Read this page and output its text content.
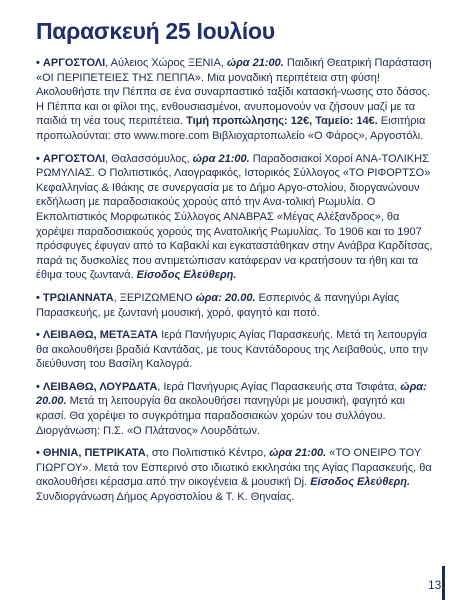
Παρασκευή 25 Ιουλίου

• ΑΡΓΟΣΤΟΛΙ, Αύλειος Χώρος ΞΕΝΙΑ, ώρα 21:00. Παιδική Θεατρική Παράσταση «ΟΙ ΠΕΡΙΠΕΤΕΙΕΣ ΤΗΣ ΠΕΠΠΑ». Μια μοναδική περιπέτεια στη φύση! Ακολουθήστε την Πέππα σε ένα συναρπαστικό ταξίδι κατασκή-νωσης στο δάσος. Η Πέππα και οι φίλοι της, ενθουσιασμένοι, ανυπομονούν να ζήσουν μαζί με τα παιδιά τη νέα τους περιπέτεια. Τιμή προπώλησης: 12€, Ταμείο: 14€. Εισιτήρια προπωλούνται: στο www.more.com Βιβλιοχαρτοπωλείο «Ο Φάρος», Αργοστόλι.

• ΑΡΓΟΣΤΟΛΙ, Θαλασσόμυλος, ώρα 21:00. Παραδοσιακοί Χοροί ΑΝΑ-ΤΟΛΙΚΗΣ ΡΩΜΥΛΙΑΣ. Ο Πολιτιστικός, Λαογραφικός, Ιστορικός Σύλλογος «ΤΟ ΡΙΦΟΡΤΣΟ» Κεφαλληνίας & Ιθάκης σε συνεργασία με το Δήμο Αργο-στολίου, διοργανώνουν εκδήλωση με παραδοσιακούς χορούς από την Ανα-τολική Ρωμυλία. Ο Εκπολιτιστικός Μορφωτικός Σύλλογος ΑΝΑΒΡΑΣ «Μέγας Αλέξανδρος», θα χορέψει παραδοσιακούς χορούς της Ανατολικής Ρωμυλίας. Το 1906 και το 1907 πρόσφυγες έφυγαν από το Καβακλί και εγκαταστάθηκαν στην Ανάβρα Καρδίτσας, παρά τις δυσκολίες που αντιμετώπισαν κατάφεραν να κρατήσουν τα ήθη και τα έθιμα τους ζωντανά. Είσοδος Ελεύθερη.

• ΤΡΩΙΑΝΝΑΤΑ, ΞΕΡΙΖΩΜΕΝΟ ώρα: 20.00. Εσπερινός & πανηγύρι Αγίας Παρασκευής, με ζωντανή μουσική, χορό, φαγητό και ποτό.

• ΛΕΙΒΑΘΩ, ΜΕΤΑΞΑΤΑ Ιερά Πανήγυρις Αγίας Παρασκευής. Μετά τη λειτουργία θα ακολουθήσει βραδιά Καντάδας, με τους Καντάδορους της Λειβαθούς, υπο την διεύθυνση του Βασίλη Καλογρά.

• ΛΕΙΒΑΘΩ, ΛΟΥΡΔΑΤΑ, Ιερά Πανήγυρις Αγίας Παρασκευής στα Τσιφάτα, ώρα: 20.00. Μετά τη λειτουργία θα ακολουθήσει πανηγύρι με μουσική, φαγητό και κρασί. Θα χορέψει το συγκρότημα παραδοσιακών χορών του συλλόγου. Διοργάνωση: Π.Σ. «Ο Πλάτανος» Λουρδάτων.

• ΘΗΝΙΑ, ΠΕΤΡΙΚΑΤΑ, στο Πολιτιστικό Κέντρο, ώρα 21:00. «ΤΟ ΟΝΕΙΡΟ ΤΟΥ ΓΙΩΡΓΟΥ». Μετά τον Εσπερινό στο ιδιωτικό εκκλησάκι της Αγίας Παρασκευής, θα ακολουθήσει κέρασμα από την οικογένεια & μουσική Dj. Είσοδος Ελεύθερη. Συνδιοργάνωση Δήμος Αργοστολίου & Τ. Κ. Θηναίας.

13
